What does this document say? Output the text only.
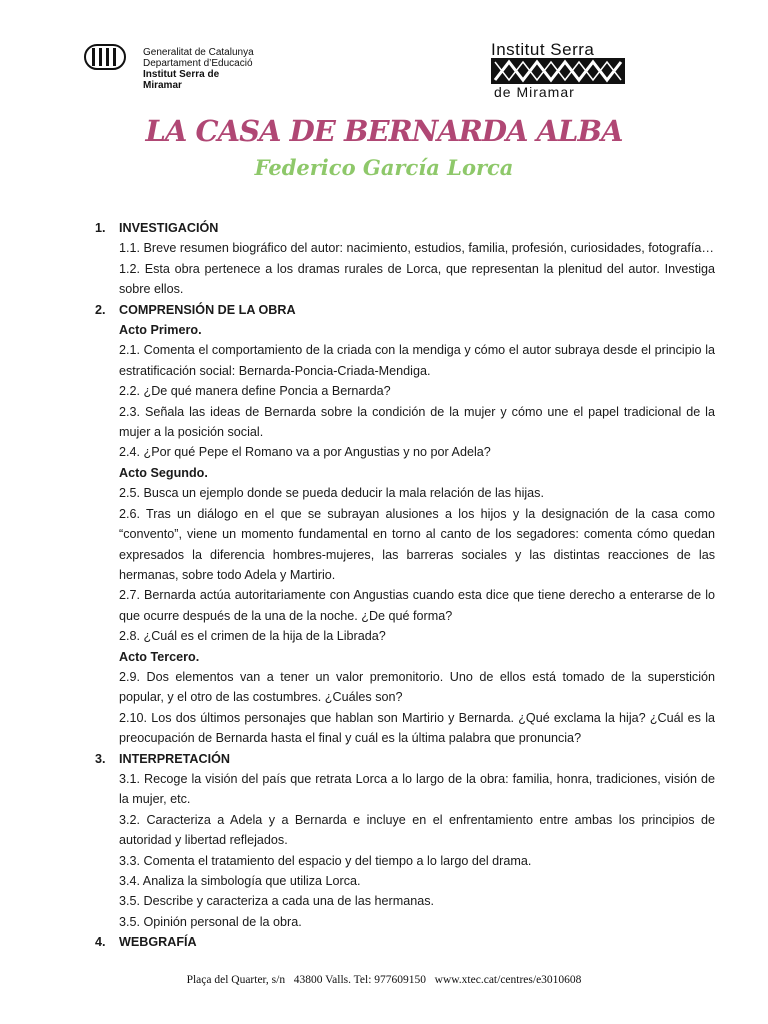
Generalitat de Catalunya
Departament d’Educació
Institut Serra de
Miramar
Institut Serra
de Miramar
LA CASA DE BERNARDA ALBA
Federico García Lorca
1.	INVESTIGACIÓN
1.1. Breve resumen biográfico del autor: nacimiento, estudios, familia, profesión, curiosidades, fotografía…
1.2. Esta obra pertenece a los dramas rurales de Lorca, que representan la plenitud del autor. Investiga sobre ellos.
2.	COMPRENSIÓN DE LA OBRA
Acto Primero.
2.1. Comenta el comportamiento de la criada con la mendiga y cómo el autor subraya desde el principio la estratificación social: Bernarda-Poncia-Criada-Mendiga.
2.2. ¿De qué manera define Poncia a Bernarda?
2.3. Señala las ideas de Bernarda sobre la condición de la mujer y cómo une el papel tradicional de la mujer a la posición social.
2.4. ¿Por qué Pepe el Romano va a por Angustias y no por Adela?
Acto Segundo.
2.5. Busca un ejemplo donde se pueda deducir la mala relación de las hijas.
2.6. Tras un diálogo en el que se subrayan alusiones a los hijos y la designación de la casa como “convento”, viene un momento fundamental en torno al canto de los segadores: comenta cómo quedan expresados la diferencia hombres-mujeres, las barreras sociales y las distintas reacciones de las hermanas, sobre todo Adela y Martirio.
2.7. Bernarda actúa autoritariamente con Angustias cuando esta dice que tiene derecho a enterarse de lo que ocurre después de la una de la noche. ¿De qué forma?
2.8. ¿Cuál es el crimen de la hija de la Librada?
Acto Tercero.
2.9. Dos elementos van a tener un valor premonitorio. Uno de ellos está tomado de la superstición popular, y el otro de las costumbres. ¿Cuáles son?
2.10. Los dos últimos personajes que hablan son Martirio y Bernarda. ¿Qué exclama la hija? ¿Cuál es la preocupación de Bernarda hasta el final y cuál es la última palabra que pronuncia?
3.	INTERPRETACIÓN
3.1. Recoge la visión del país que retrata Lorca a lo largo de la obra: familia, honra, tradiciones, visión de la mujer, etc.
3.2. Caracteriza a Adela y a Bernarda e incluye en el enfrentamiento entre ambas los principios de autoridad y libertad reflejados.
3.3. Comenta el tratamiento del espacio y del tiempo a lo largo del drama.
3.4. Analiza la simbología que utiliza Lorca.
3.5. Describe y caracteriza a cada una de las hermanas.
3.5. Opinión personal de la obra.
4.	WEBGRAFÍA
Plaça del Quarter, s/n   43800 Valls. Tel: 977609150   www.xtec.cat/centres/e3010608
